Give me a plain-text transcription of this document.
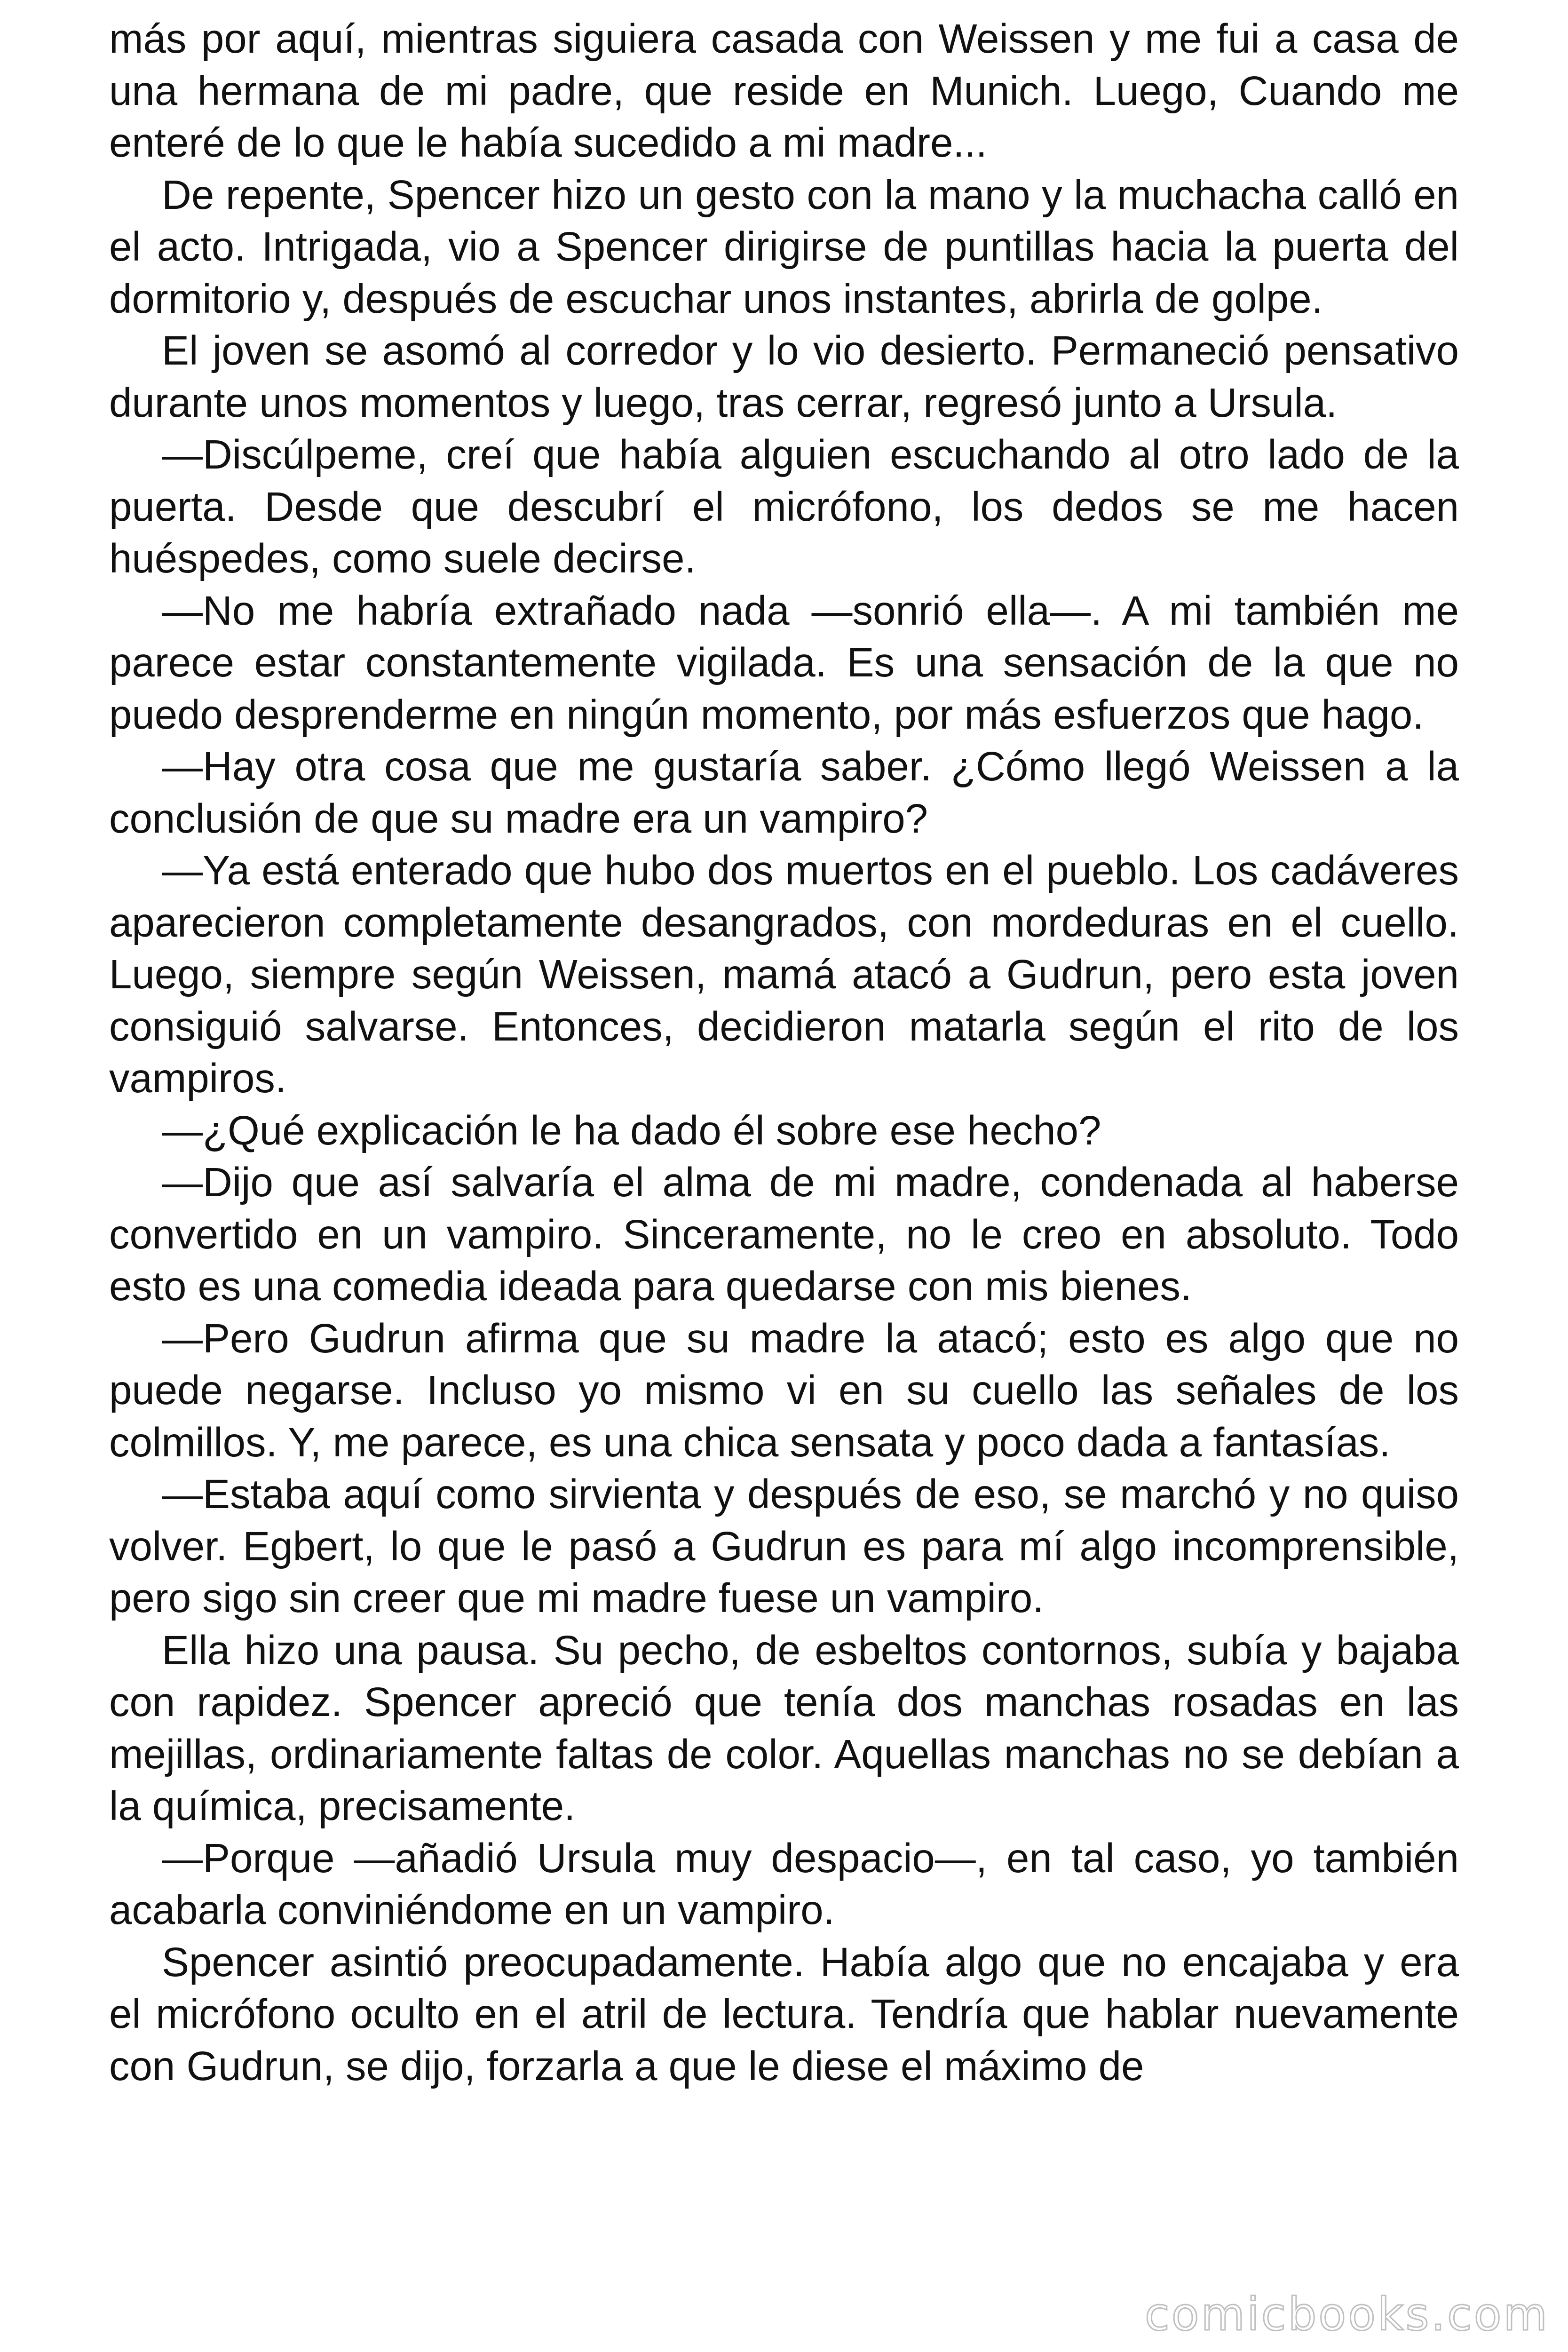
más por aquí, mientras siguiera casada con Weissen y me fui a casa de una hermana de mi padre, que reside en Munich. Luego, Cuando me enteré de lo que le había sucedido a mi madre...

De repente, Spencer hizo un gesto con la mano y la muchacha calló en el acto. Intrigada, vio a Spencer dirigirse de puntillas hacia la puerta del dormitorio y, después de escuchar unos instantes, abrirla de golpe.

El joven se asomó al corredor y lo vio desierto. Permaneció pensativo durante unos momentos y luego, tras cerrar, regresó junto a Ursula.

—Discúlpeme, creí que había alguien escuchando al otro lado de la puerta. Desde que descubrí el micrófono, los dedos se me hacen huéspedes, como suele decirse.

—No me habría extrañado nada —sonrió ella—. A mi también me parece estar constantemente vigilada. Es una sensación de la que no puedo desprenderme en ningún momento, por más esfuerzos que hago.

—Hay otra cosa que me gustaría saber. ¿Cómo llegó Weissen a la conclusión de que su madre era un vampiro?

—Ya está enterado que hubo dos muertos en el pueblo. Los cadáveres aparecieron completamente desangrados, con mordeduras en el cuello. Luego, siempre según Weissen, mamá atacó a Gudrun, pero esta joven consiguió salvarse. Entonces, decidieron matarla según el rito de los vampiros.

—¿Qué explicación le ha dado él sobre ese hecho?

—Dijo que así salvaría el alma de mi madre, condenada al haberse convertido en un vampiro. Sinceramente, no le creo en absoluto. Todo esto es una comedia ideada para quedarse con mis bienes.

—Pero Gudrun afirma que su madre la atacó; esto es algo que no puede negarse. Incluso yo mismo vi en su cuello las señales de los colmillos. Y, me parece, es una chica sensata y poco dada a fantasías.

—Estaba aquí como sirvienta y después de eso, se marchó y no quiso volver. Egbert, lo que le pasó a Gudrun es para mí algo incomprensible, pero sigo sin creer que mi madre fuese un vampiro.

Ella hizo una pausa. Su pecho, de esbeltos contornos, subía y bajaba con rapidez. Spencer apreció que tenía dos manchas rosadas en las mejillas, ordinariamente faltas de color. Aquellas manchas no se debían a la química, precisamente.

—Porque —añadió Ursula muy despacio—, en tal caso, yo también acabarla conviniéndome en un vampiro.

Spencer asintió preocupadamente. Había algo que no encajaba y era el micrófono oculto en el atril de lectura. Tendría que hablar nuevamente con Gudrun, se dijo, forzarla a que le diese el máximo de

comicbooks.com
